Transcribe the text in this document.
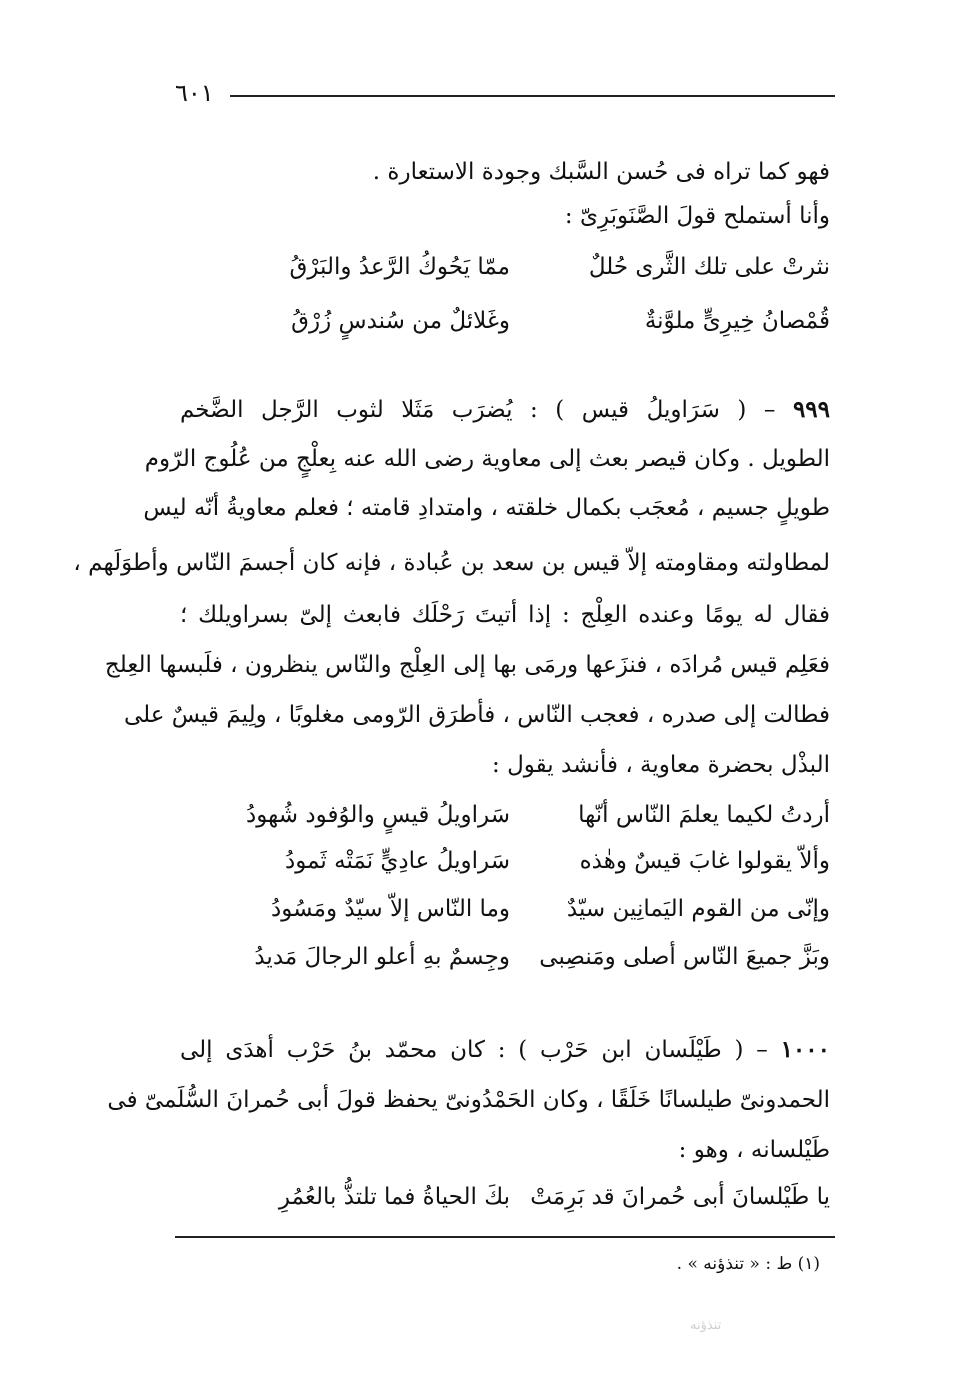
٦٠١
فهو كما تراه فى حُسن السَّبك وجودة الاستعارة .
وأنا أستملح قولَ الصَّنَوبَرِىّ :
نثرتْ على تلك الثَّرى حُللٌ
ممّا يَحُوكُ الرَّعدُ والبَرْقُ
قُمْصانُ خِيرِىٍّ ملوَّنةٌ
وغَلائلٌ من سُندسٍ زُرْقُ
٩٩٩ – ( سَرَاويلُ قيس ) : يُضرَب مَثَلا لثوب الرَّجل الضَّخم
الطويل . وكان قيصر بعث إلى معاوية رضى الله عنه بِعلْجٍ من عُلُوج الرّوم
طويلٍ جسيم ، مُعجَب بكمال خلقته ، وامتدادِ قامته ؛ فعلم معاويةُ أنّه ليس
لمطاولته ومقاومته إلاّ قيس بن سعد بن عُبادة ، فإنه كان أجسمَ النّاس وأطوَلَهم ،
فقال له يومًا وعنده العِلْج : إذا أتيتَ رَحْلَك فابعث إلىّ بسراويلك ؛
فعَلِم قيس مُرادَه ، فنزَعها ورمَى بها إلى العِلْج والنّاس ينظرون ، فلَبسها العِلج
فطالت إلى صدره ، فعجب النّاس ، فأطرَق الرّومى مغلوبًا ، ولِيمَ قيسٌ على
البذْل بحضرة معاوية ، فأنشد يقول :
أردتُ لكيما يعلمَ النّاس أنّها
سَراويلُ قيسٍ والوُفود شُهودُ
وألاّ يقولوا غابَ قيسٌ وهٰذه
سَراويلُ عادِيٍّ نَمَتْه ثَمودُ
وإنّى من القوم اليَمانِين سيّدٌ
وما النّاس إلاّ سيّدٌ ومَسُودُ
وبَزَّ جميعَ النّاس أصلى ومَنصِبى
وجِسمٌ بهِ أعلو الرجالَ مَديدُ
١٠٠٠ – ( طَيْلَسان ابن حَرْب ) : كان محمّد بنُ حَرْب أهدَى إلى
الحمدونىّ طيلسانًا خَلَقًا ، وكان الحَمْدُونىّ يحفظ قولَ أبى حُمرانَ السُّلَمىّ فى
طَيْلسانه ، وهو :
يا طَيْلسانَ أبى حُمرانَ قد بَرِمَتْ
بكَ الحياةُ فما تلتذُّ بالعُمُرِ
(١) ط : « تنذؤنه » .
تنذؤنه
